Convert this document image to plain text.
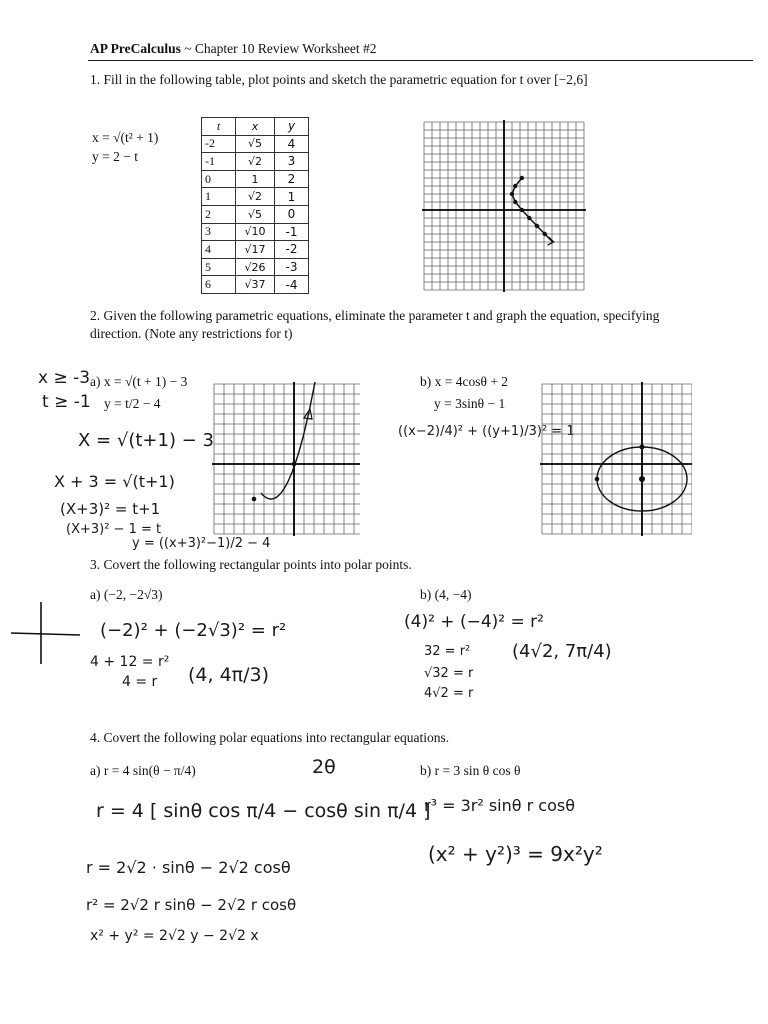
AP PreCalculus ~ Chapter 10 Review Worksheet #2
1. Fill in the following table, plot points and sketch the parametric equation for t over [−2,6]
x = √(t² + 1)
y = 2 − t
t	x	y
-2	√5	4
-1	√2	3
0	1	2
1	√2	1
2	√5	0
3	√10	-1
4	√17	-2
5	√26	-3
6	√37	-4
2. Given the following parametric equations, eliminate the parameter t and graph the equation, specifying
direction. (Note any restrictions for t)
a) x = √(t + 1) − 3
y = t/2 − 4
b) x = 4cosθ + 2
y = 3sinθ − 1
x ≥ -3
t ≥ -1
X = √(t+1) − 3
X + 3 = √(t+1)
(X+3)² = t+1
(X+3)² − 1 = t
y = ((x+3)²−1)/2 − 4
((x−2)/4)² + ((y+1)/3)² = 1
3. Covert the following rectangular points into polar points.
a) (−2, −2√3)	b) (4, −4)
(−2)² + (−2√3)² = r²
4 + 12 = r²
4 = r (4, 4π/3)
(4)² + (−4)² = r²
32 = r²
√32 = r
4√2 = r
(4√2, 7π/4)
4. Covert the following polar equations into rectangular equations.
a) r = 4 sin(θ − π/4)	b) r = 3 sin θ cos θ
2θ
r = 4 [ sinθ cos π/4 − cosθ sin π/4 ]
r = 2√2 · sinθ − 2√2 cosθ
r² = 2√2 r sinθ − 2√2 r cosθ
x² + y² = 2√2 y − 2√2 x
r³ = 3r² sinθ r cosθ
(x² + y²)³ = 9x²y²
